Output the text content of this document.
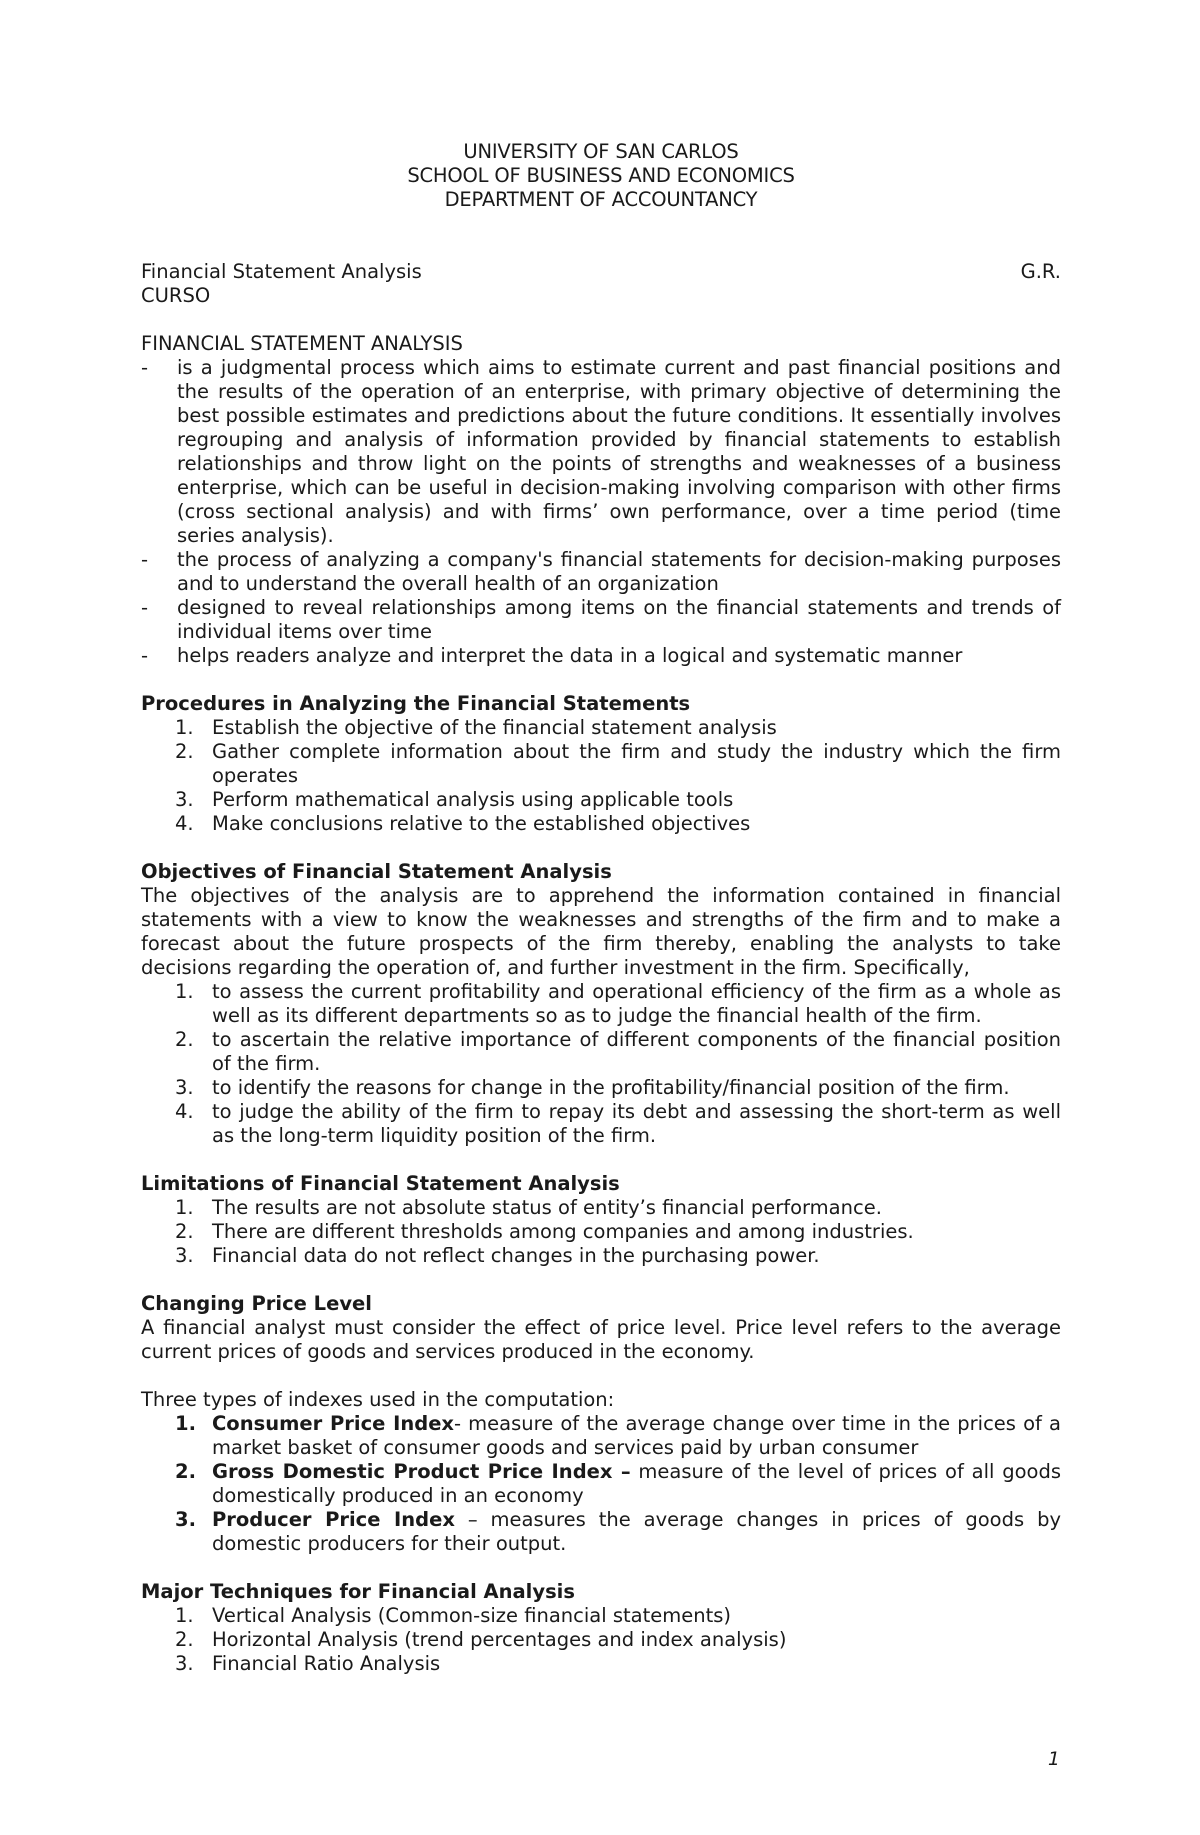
UNIVERSITY OF SAN CARLOS
SCHOOL OF BUSINESS AND ECONOMICS
DEPARTMENT OF ACCOUNTANCY
Financial Statement Analysis	G.R.
CURSO
FINANCIAL STATEMENT ANALYSIS
- is a judgmental process which aims to estimate current and past financial positions and the results of the operation of an enterprise, with primary objective of determining the best possible estimates and predictions about the future conditions. It essentially involves regrouping and analysis of information provided by financial statements to establish relationships and throw light on the points of strengths and weaknesses of a business enterprise, which can be useful in decision-making involving comparison with other firms (cross sectional analysis) and with firms’ own performance, over a time period (time series analysis).
- the process of analyzing a company's financial statements for decision-making purposes and to understand the overall health of an organization
- designed to reveal relationships among items on the financial statements and trends of individual items over time
- helps readers analyze and interpret the data in a logical and systematic manner
Procedures in Analyzing the Financial Statements
1. Establish the objective of the financial statement analysis
2. Gather complete information about the firm and study the industry which the firm operates
3. Perform mathematical analysis using applicable tools
4. Make conclusions relative to the established objectives
Objectives of Financial Statement Analysis
The objectives of the analysis are to apprehend the information contained in financial statements with a view to know the weaknesses and strengths of the firm and to make a forecast about the future prospects of the firm thereby, enabling the analysts to take decisions regarding the operation of, and further investment in the firm. Specifically,
1. to assess the current profitability and operational efficiency of the firm as a whole as well as its different departments so as to judge the financial health of the firm.
2. to ascertain the relative importance of different components of the financial position of the firm.
3. to identify the reasons for change in the profitability/financial position of the firm.
4. to judge the ability of the firm to repay its debt and assessing the short-term as well as the long-term liquidity position of the firm.
Limitations of Financial Statement Analysis
1. The results are not absolute status of entity’s financial performance.
2. There are different thresholds among companies and among industries.
3. Financial data do not reflect changes in the purchasing power.
Changing Price Level
A financial analyst must consider the effect of price level. Price level refers to the average current prices of goods and services produced in the economy.
Three types of indexes used in the computation:
1. Consumer Price Index- measure of the average change over time in the prices of a market basket of consumer goods and services paid by urban consumer
2. Gross Domestic Product Price Index – measure of the level of prices of all goods domestically produced in an economy
3. Producer Price Index – measures the average changes in prices of goods by domestic producers for their output.
Major Techniques for Financial Analysis
1. Vertical Analysis (Common-size financial statements)
2. Horizontal Analysis (trend percentages and index analysis)
3. Financial Ratio Analysis
1
